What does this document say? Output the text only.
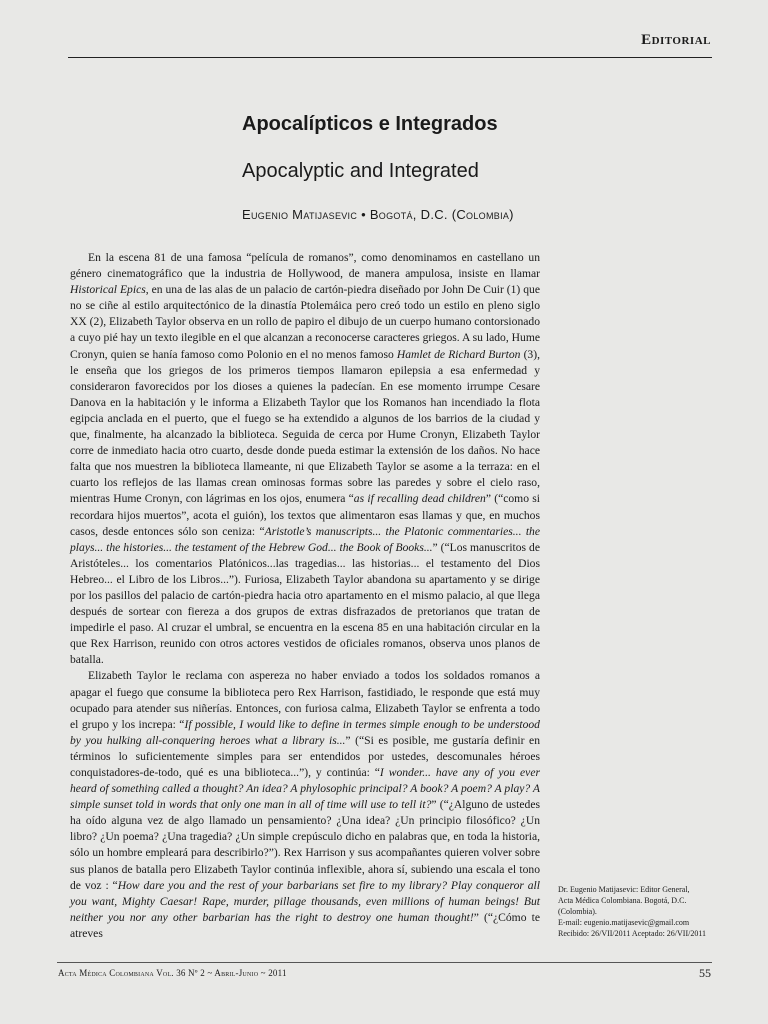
Editorial
Apocalípticos e Integrados
Apocalyptic and Integrated
Eugenio Matijasevic • Bogotá, D.C. (Colombia)

En la escena 81 de una famosa “película de romanos”, como denominamos en castellano un género cinematográfico que la industria de Hollywood, de manera ampulosa, insiste en llamar Historical Epics, en una de las alas de un palacio de cartón-piedra diseñado por John De Cuir (1) que no se ciñe al estilo arquitectónico de la dinastía Ptolemáica pero creó todo un estilo en pleno siglo XX (2), Elizabeth Taylor observa en un rollo de papiro el dibujo de un cuerpo humano contorsionado a cuyo pié hay un texto ilegible en el que alcanzan a reconocerse caracteres griegos. A su lado, Hume Cronyn, quien se hanía famoso como Polonio en el no menos famoso Hamlet de Richard Burton (3), le enseña que los griegos de los primeros tiempos llamaron epilepsia a esa enfermedad y consideraron favorecidos por los dioses a quienes la padecían. En ese momento irrumpe Cesare Danova en la habitación y le informa a Elizabeth Taylor que los Romanos han incendiado la flota egipcia anclada en el puerto, que el fuego se ha extendido a algunos de los barrios de la ciudad y que, finalmente, ha alcanzado la biblioteca. Seguida de cerca por Hume Cronyn, Elizabeth Taylor corre de inmediato hacia otro cuarto, desde donde pueda estimar la extensión de los daños. No hace falta que nos muestren la biblioteca llameante, ni que Elizabeth Taylor se asome a la terraza: en el cuarto los reflejos de las llamas crean ominosas formas sobre las paredes y sobre el cielo raso, mientras Hume Cronyn, con lágrimas en los ojos, enumera “as if recalling dead children” (“como si recordara hijos muertos”, acota el guión), los textos que alimentaron esas llamas y que, en muchos casos, desde entonces sólo son ceniza: “Aristotle’s manuscripts... the Platonic commentaries... the plays... the histories... the testament of the Hebrew God... the Book of Books...” (“Los manuscritos de Aristóteles... los comentarios Platónicos...las tragedias... las historias... el testamento del Dios Hebreo... el Libro de los Libros...”). Furiosa, Elizabeth Taylor abandona su apartamento y se dirige por los pasillos del palacio de cartón-piedra hacia otro apartamento en el mismo palacio, al que llega después de sortear con fiereza a dos grupos de extras disfrazados de pretorianos que tratan de impedirle el paso. Al cruzar el umbral, se encuentra en la escena 85 en una habitación circular en la que Rex Harrison, reunido con otros actores vestidos de oficiales romanos, observa unos planos de batalla.

Elizabeth Taylor le reclama con aspereza no haber enviado a todos los soldados romanos a apagar el fuego que consume la biblioteca pero Rex Harrison, fastidiado, le responde que está muy ocupado para atender sus niñerías. Entonces, con furiosa calma, Elizabeth Taylor se enfrenta a todo el grupo y los increpa: “If possible, I would like to define in termes simple enough to be understood by you hulking all-conquering heroes what a library is...” (“Si es posible, me gustaría definir en términos lo suficientemente simples para ser entendidos por ustedes, descomunales héroes conquistadores-de-todo, qué es una biblioteca...”), y continúa: “I wonder... have any of you ever heard of something called a thought? An idea? A phylosophic principal? A book? A poem? A play? A simple sunset told in words that only one man in all of time will use to tell it?” (“¿Alguno de ustedes ha oído alguna vez de algo llamado un pensamiento? ¿Una idea? ¿Un principio filosófico? ¿Un libro? ¿Un poema? ¿Una tragedia? ¿Un simple crepúsculo dicho en palabras que, en toda la historia, sólo un hombre empleará para describirlo?”). Rex Harrison y sus acompañantes quieren volver sobre sus planos de batalla pero Elizabeth Taylor continúa inflexible, ahora sí, subiendo una escala el tono de voz : “How dare you and the rest of your barbarians set fire to my library? Play conqueror all you want, Mighty Caesar! Rape, murder, pillage thousands, even millions of human beings! But neither you nor any other barbarian has the right to destroy one human thought!” (“¿Cómo te atreves

Dr. Eugenio Matijasevic: Editor General,
Acta Médica Colombiana. Bogotá, D.C.
(Colombia).
E-mail: eugenio.matijasevic@gmail.com
Recibido: 26/VII/2011 Aceptado: 26/VII/2011
Acta Médica Colombiana Vol. 36 Nº 2 ~ Abril-Junio ~ 2011	55
